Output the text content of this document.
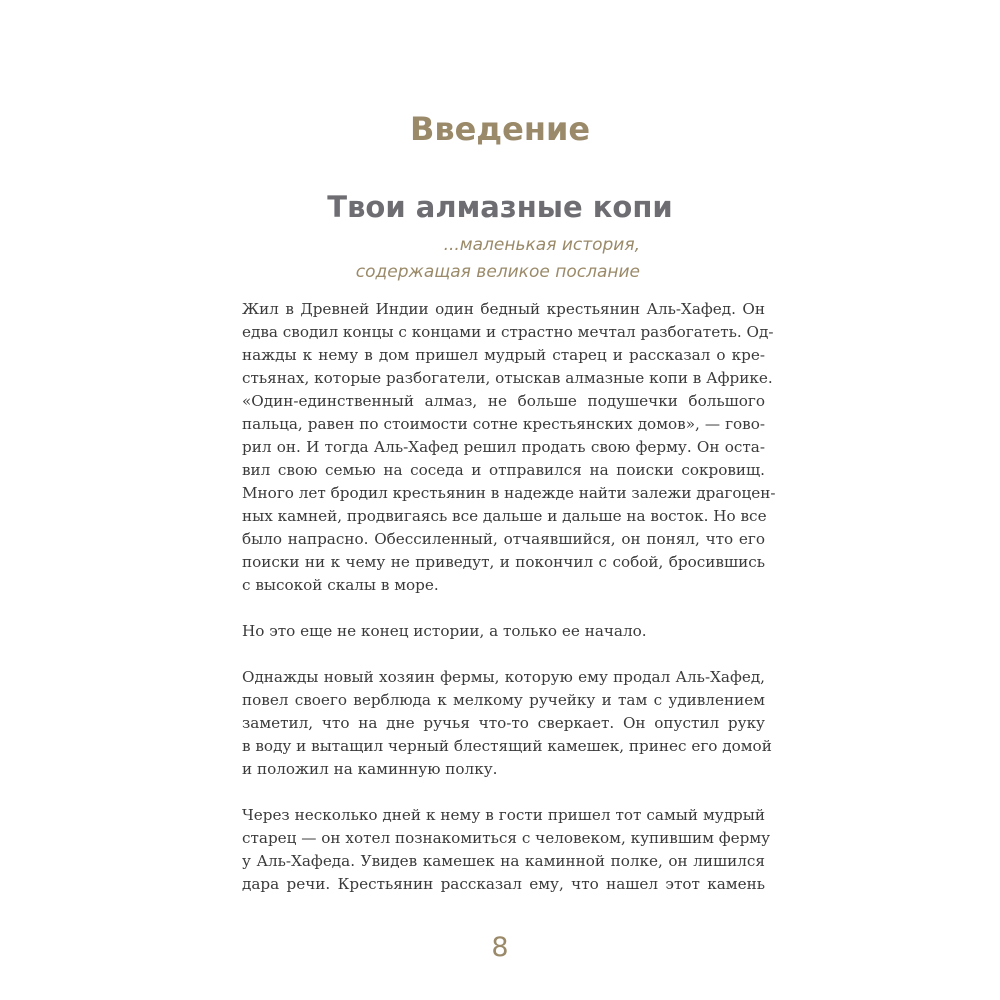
Введение
Твои алмазные копи
...маленькая история,
содержащая великое послание
Жил в Древней Индии один бедный крестьянин Аль-Хафед. Он
едва сводил концы с концами и страстно мечтал разбогатеть. Од-
нажды к нему в дом пришел мудрый старец и рассказал о кре-
стьянах, которые разбогатели, отыскав алмазные копи в Африке.
«Один-единственный алмаз, не больше подушечки большого
пальца, равен по стоимости сотне крестьянских домов», — гово-
рил он. И тогда Аль-Хафед решил продать свою ферму. Он оста-
вил свою семью на соседа и отправился на поиски сокровищ.
Много лет бродил крестьянин в надежде найти залежи драгоцен-
ных камней, продвигаясь все дальше и дальше на восток. Но все
было напрасно. Обессиленный, отчаявшийся, он понял, что его
поиски ни к чему не приведут, и покончил с собой, бросившись
с высокой скалы в море.
Но это еще не конец истории, а только ее начало.
Однажды новый хозяин фермы, которую ему продал Аль-Хафед,
повел своего верблюда к мелкому ручейку и там с удивлением
заметил, что на дне ручья что-то сверкает. Он опустил руку
в воду и вытащил черный блестящий камешек, принес его домой
и положил на каминную полку.
Через несколько дней к нему в гости пришел тот самый мудрый
старец — он хотел познакомиться с человеком, купившим ферму
у Аль-Хафеда. Увидев камешек на каминной полке, он лишился
дара речи. Крестьянин рассказал ему, что нашел этот камень
8
